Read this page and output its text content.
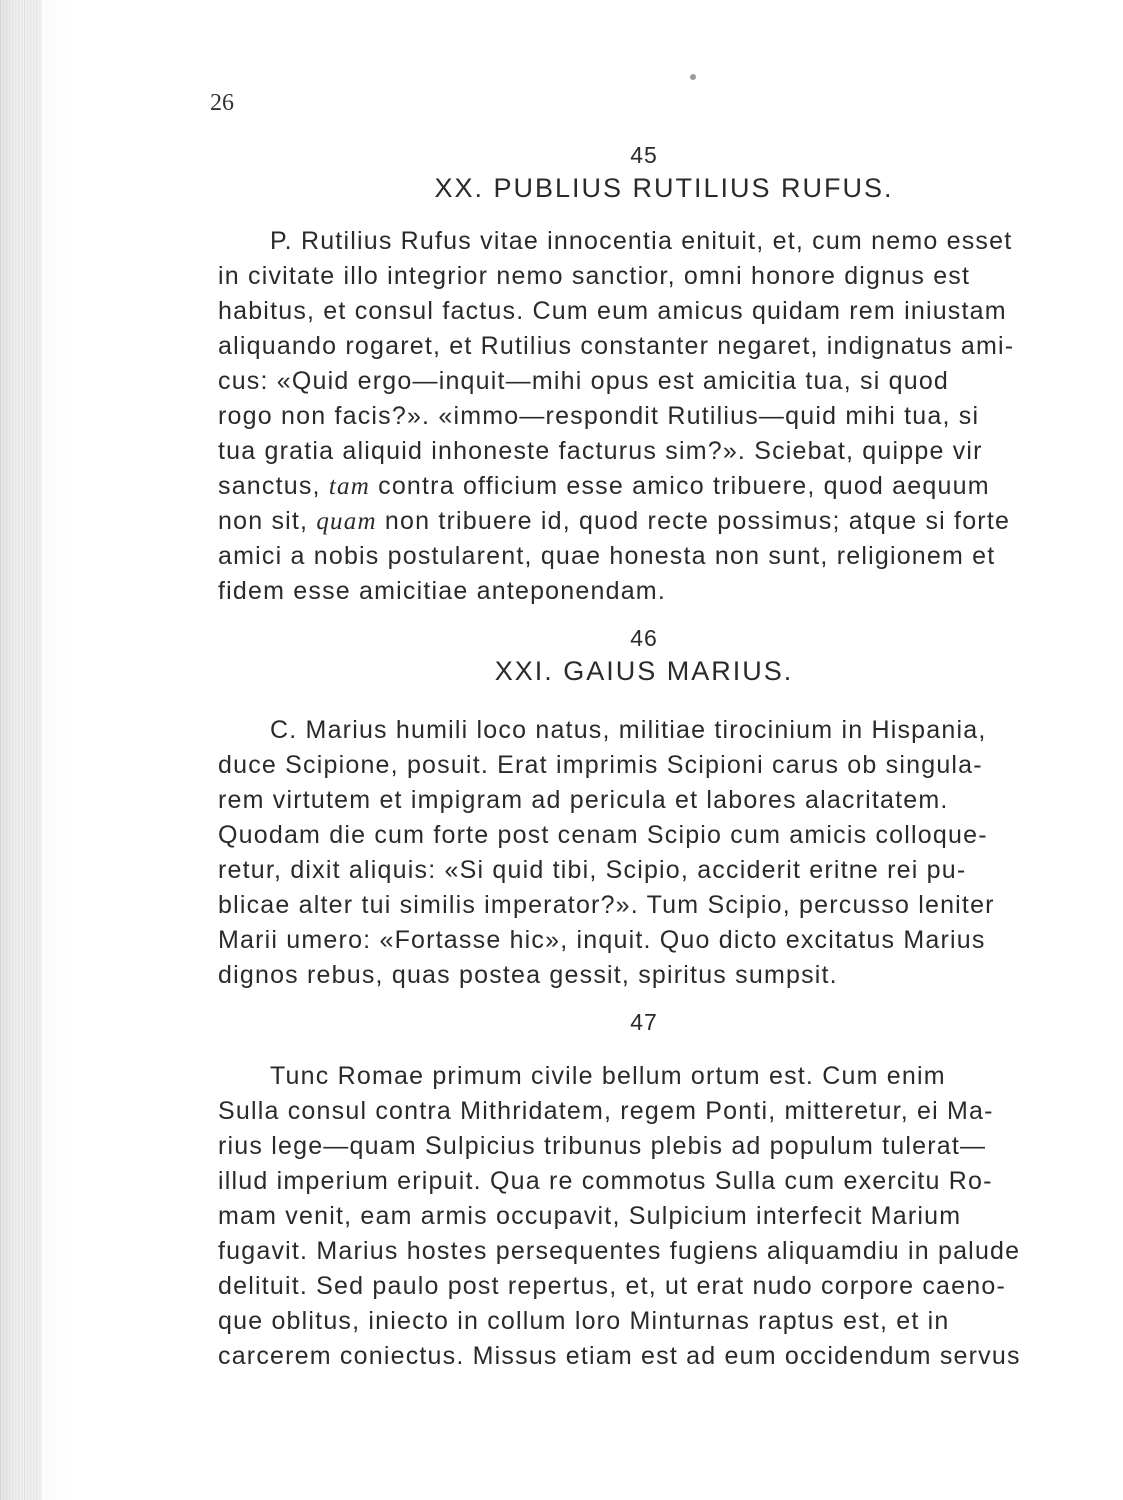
26

45

XX. PUBLIUS RUTILIUS RUFUS.
P. Rutilius Rufus vitae innocentia enituit, et, cum nemo esset
in civitate illo integrior nemo sanctior, omni honore dignus est
habitus, et consul factus. Cum eum amicus quidam rem iniustam
aliquando rogaret, et Rutilius constanter negaret, indignatus ami-
cus: «Quid ergo—inquit—mihi opus est amicitia tua, si quod
rogo non facis?». «immo—respondit Rutilius—quid mihi tua, si
tua gratia aliquid inhoneste facturus sim?». Sciebat, quippe vir
sanctus, tam contra officium esse amico tribuere, quod aequum
non sit, quam non tribuere id, quod recte possimus; atque si forte
amici a nobis postularent, quae honesta non sunt, religionem et
fidem esse amicitiae anteponendam.

46

XXI. GAIUS MARIUS.
C. Marius humili loco natus, militiae tirocinium in Hispania,
duce Scipione, posuit. Erat imprimis Scipioni carus ob singula-
rem virtutem et impigram ad pericula et labores alacritatem.
Quodam die cum forte post cenam Scipio cum amicis colloque-
retur, dixit aliquis: «Si quid tibi, Scipio, acciderit eritne rei pu-
blicae alter tui similis imperator?». Tum Scipio, percusso leniter
Marii umero: «Fortasse hic», inquit. Quo dicto excitatus Marius
dignos rebus, quas postea gessit, spiritus sumpsit.

47

Tunc Romae primum civile bellum ortum est. Cum enim
Sulla consul contra Mithridatem, regem Ponti, mitteretur, ei Ma-
rius lege—quam Sulpicius tribunus plebis ad populum tulerat—
illud imperium eripuit. Qua re commotus Sulla cum exercitu Ro-
mam venit, eam armis occupavit, Sulpicium interfecit Marium
fugavit. Marius hostes persequentes fugiens aliquamdiu in palude
delituit. Sed paulo post repertus, et, ut erat nudo corpore caeno-
que oblitus, iniecto in collum loro Minturnas raptus est, et in
carcerem coniectus. Missus etiam est ad eum occidendum servus
